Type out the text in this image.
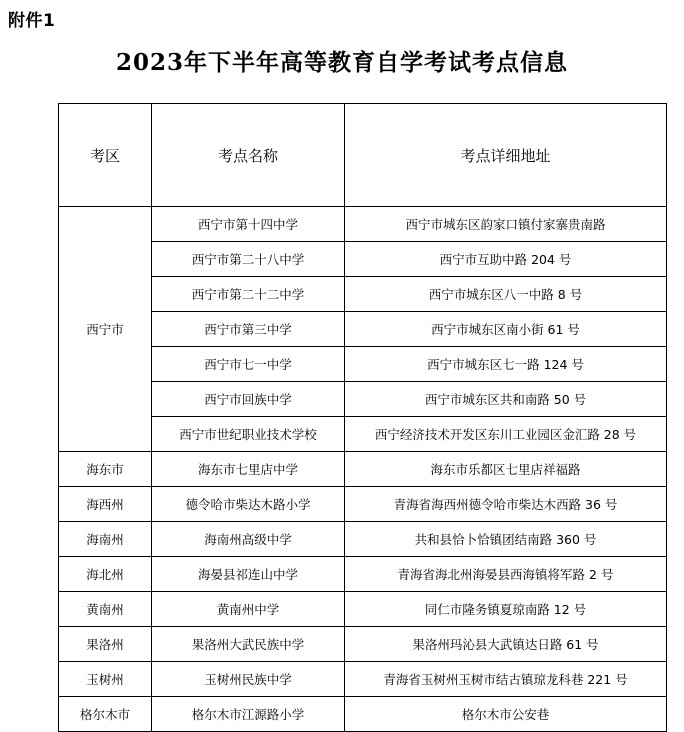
附件1
2023年下半年高等教育自学考试考点信息
考区	考点名称	考点详细地址
西宁市	西宁市第十四中学	西宁市城东区韵家口镇付家寨贵南路
	西宁市第二十八中学	西宁市互助中路 204 号
	西宁市第二十二中学	西宁市城东区八一中路 8 号
	西宁市第三中学	西宁市城东区南小街 61 号
	西宁市七一中学	西宁市城东区七一路 124 号
	西宁市回族中学	西宁市城东区共和南路 50 号
	西宁市世纪职业技术学校	西宁经济技术开发区东川工业园区金汇路 28 号
海东市	海东市七里店中学	海东市乐都区七里店祥福路
海西州	德令哈市柴达木路小学	青海省海西州德令哈市柴达木西路 36 号
海南州	海南州高级中学	共和县恰卜恰镇团结南路 360 号
海北州	海晏县祁连山中学	青海省海北州海晏县西海镇将军路 2 号
黄南州	黄南州中学	同仁市隆务镇夏琼南路 12 号
果洛州	果洛州大武民族中学	果洛州玛沁县大武镇达日路 61 号
玉树州	玉树州民族中学	青海省玉树州玉树市结古镇琼龙科巷 221 号
格尔木市	格尔木市江源路小学	格尔木市公安巷
